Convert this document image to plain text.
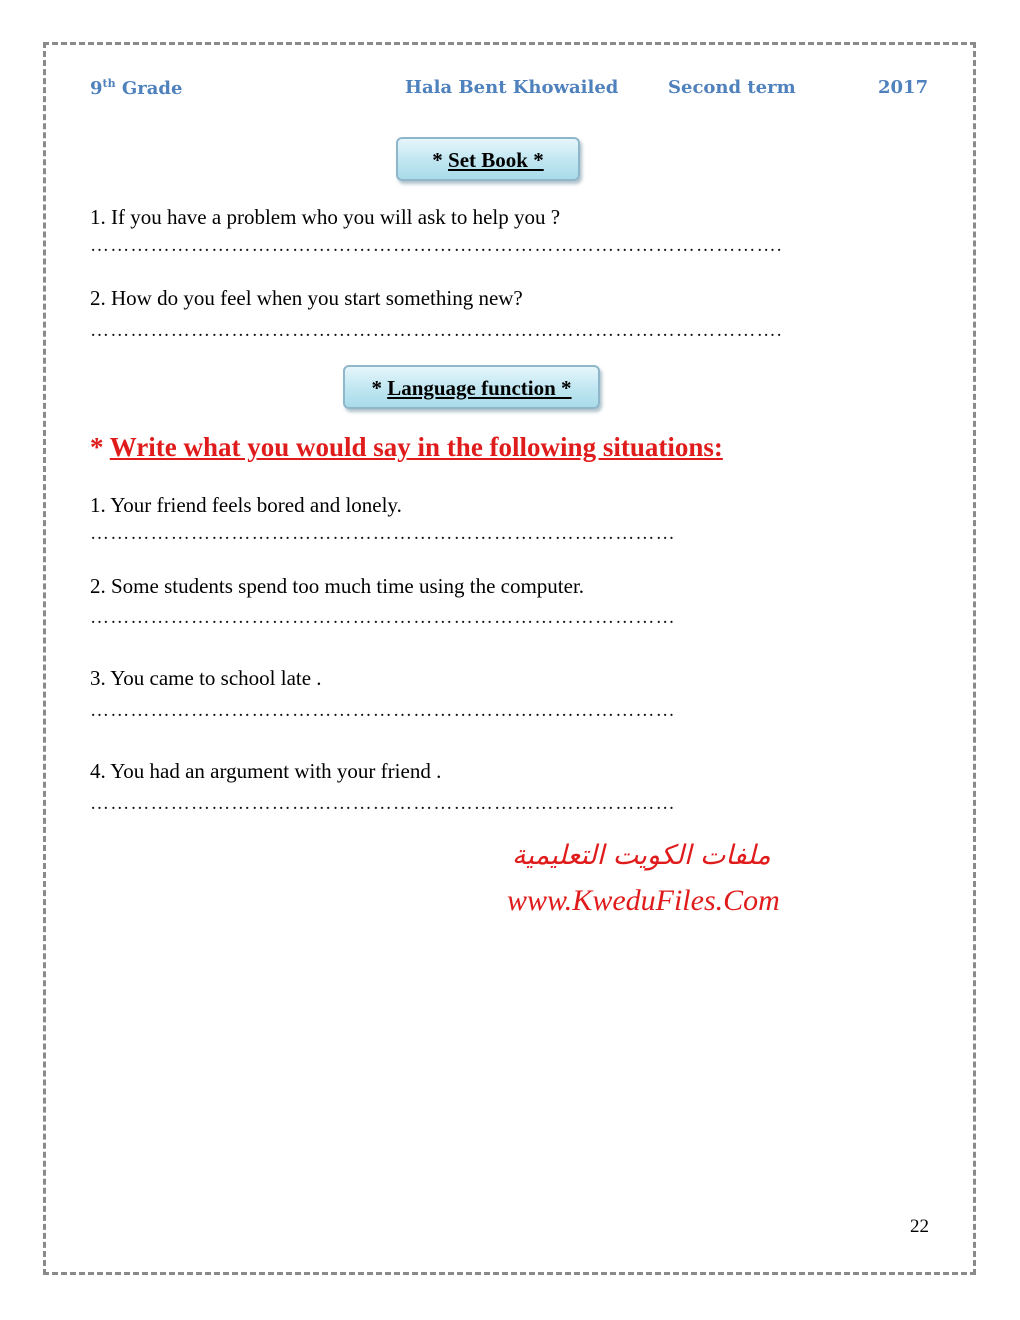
9th Grade	Hala Bent Khowailed	Second term	2017
* Set Book *
1. If you have a problem who you will ask to help you ?
………………………………………………………………………………………….
2. How do you feel when you start something new?
………………………………………………………………………………………….
* Language function *
* Write what you would say in the following situations:
1. Your friend feels bored and lonely.
……………………………………………………………………………
2. Some students spend too much time using the computer.
……………………………………………………………………………
3. You came to school late .
……………………………………………………………………………
4. You had an argument with your friend .
……………………………………………………………………………
ملفات الكويت التعليمية
www.KweduFiles.Com
22
